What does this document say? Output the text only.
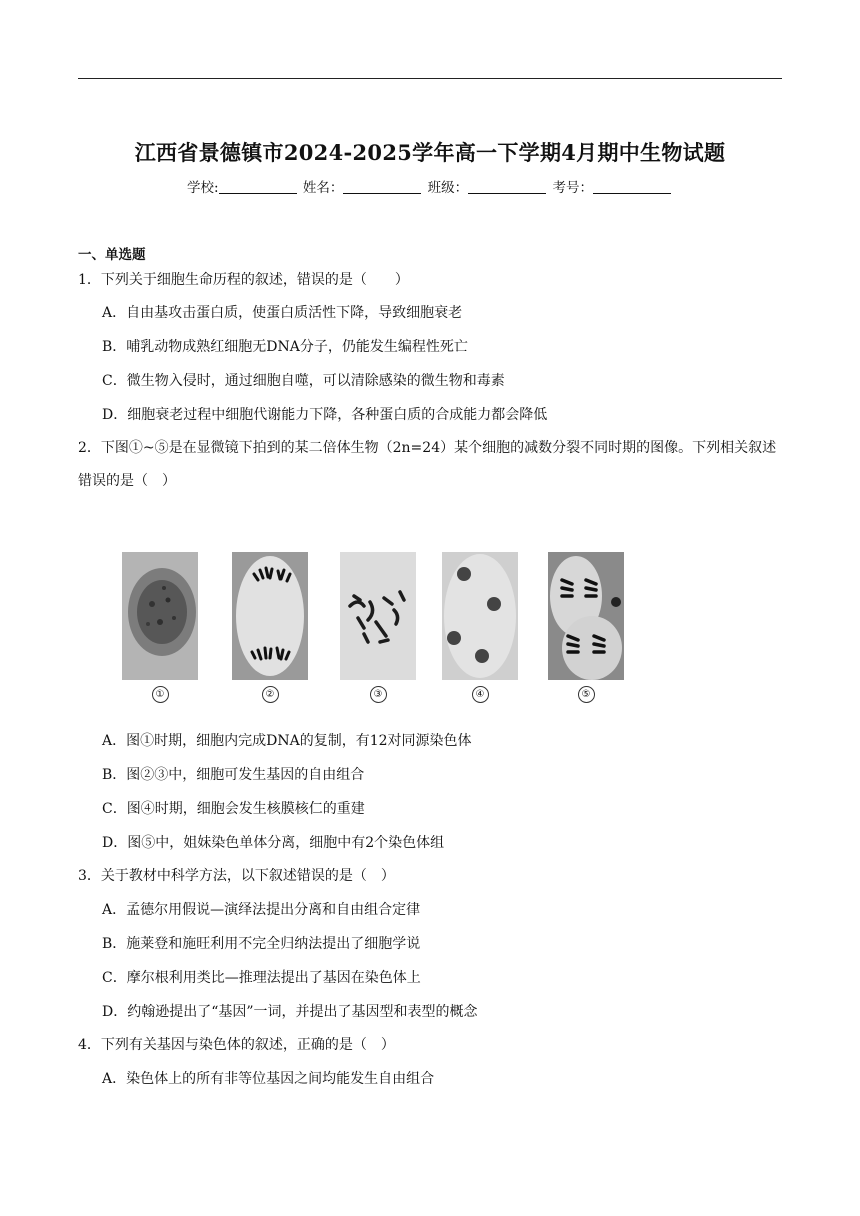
江西省景德镇市2024-2025学年高一下学期4月期中生物试题
学校:	姓名：	班级：	考号：
一、单选题
1．下列关于细胞生命历程的叙述，错误的是（　　）
A．自由基攻击蛋白质，使蛋白质活性下降，导致细胞衰老
B．哺乳动物成熟红细胞无DNA分子，仍能发生编程性死亡
C．微生物入侵时，通过细胞自噬，可以清除感染的微生物和毒素
D．细胞衰老过程中细胞代谢能力下降，各种蛋白质的合成能力都会降低
2．下图①~⑤是在显微镜下拍到的某二倍体生物（2n=24）某个细胞的减数分裂不同时期的图像。下列相关叙述错误的是（　）
①	②	③	④	⑤
A．图①时期，细胞内完成DNA的复制，有12对同源染色体
B．图②③中，细胞可发生基因的自由组合
C．图④时期，细胞会发生核膜核仁的重建
D．图⑤中，姐妹染色单体分离，细胞中有2个染色体组
3．关于教材中科学方法，以下叙述错误的是（　）
A．孟德尔用假说—演绎法提出分离和自由组合定律
B．施莱登和施旺利用不完全归纳法提出了细胞学说
C．摩尔根利用类比—推理法提出了基因在染色体上
D．约翰逊提出了“基因”一词，并提出了基因型和表型的概念
4．下列有关基因与染色体的叙述，正确的是（　）
A．染色体上的所有非等位基因之间均能发生自由组合
